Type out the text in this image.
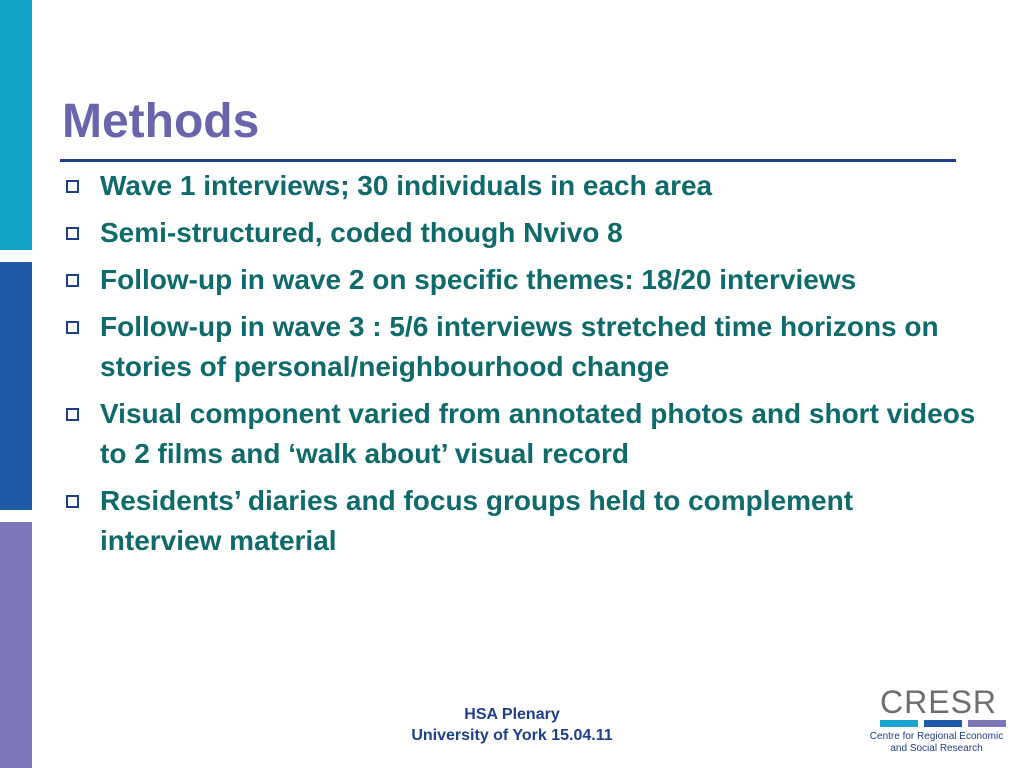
Methods
Wave 1 interviews; 30 individuals in each area
Semi-structured, coded though Nvivo 8
Follow-up in wave 2 on specific themes: 18/20 interviews
Follow-up in wave 3 : 5/6 interviews stretched time horizons on stories of personal/neighbourhood change
Visual component varied from annotated photos and short videos to 2 films and ‘walk about’ visual record
Residents’ diaries and focus groups held to complement interview material
HSA Plenary
University of York 15.04.11
CRESR
Centre for Regional Economic
and Social Research
